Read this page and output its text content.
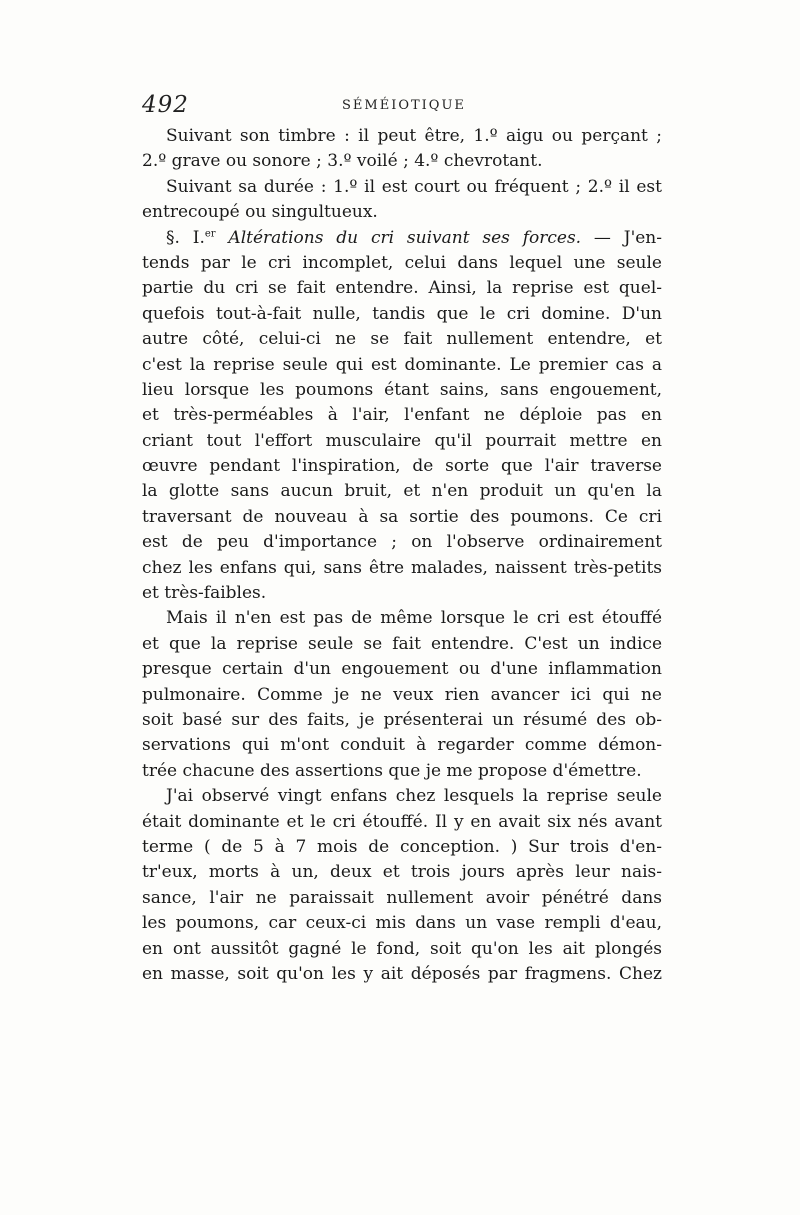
492	SÉMÉIOTIQUE
Suivant son timbre : il peut être, 1.º aigu ou perçant ;
2.º grave ou sonore ; 3.º voilé ; 4.º chevrotant.
Suivant sa durée : 1.º il est court ou fréquent ; 2.º il est
entrecoupé ou singultueux.
§. I.$^{er}$ Altérations du cri suivant ses forces. — J'en-
tends par le cri incomplet, celui dans lequel une seule
partie du cri se fait entendre. Ainsi, la reprise est quel-
quefois tout-à-fait nulle, tandis que le cri domine. D'un
autre côté, celui-ci ne se fait nullement entendre, et
c'est la reprise seule qui est dominante. Le premier cas a
lieu lorsque les poumons étant sains, sans engouement,
et très-perméables à l'air, l'enfant ne déploie pas en
criant tout l'effort musculaire qu'il pourrait mettre en
œuvre pendant l'inspiration, de sorte que l'air traverse
la glotte sans aucun bruit, et n'en produit un qu'en la
traversant de nouveau à sa sortie des poumons. Ce cri
est de peu d'importance ; on l'observe ordinairement
chez les enfans qui, sans être malades, naissent très-petits
et très-faibles.
Mais il n'en est pas de même lorsque le cri est étouffé
et que la reprise seule se fait entendre. C'est un indice
presque certain d'un engouement ou d'une inflammation
pulmonaire. Comme je ne veux rien avancer ici qui ne
soit basé sur des faits, je présenterai un résumé des ob-
servations qui m'ont conduit à regarder comme démon-
trée chacune des assertions que je me propose d'émettre.
J'ai observé vingt enfans chez lesquels la reprise seule
était dominante et le cri étouffé. Il y en avait six nés avant
terme ( de 5 à 7 mois de conception. ) Sur trois d'en-
tr'eux, morts à un, deux et trois jours après leur nais-
sance, l'air ne paraissait nullement avoir pénétré dans
les poumons, car ceux-ci mis dans un vase rempli d'eau,
en ont aussitôt gagné le fond, soit qu'on les ait plongés
en masse, soit qu'on les y ait déposés par fragmens. Chez
